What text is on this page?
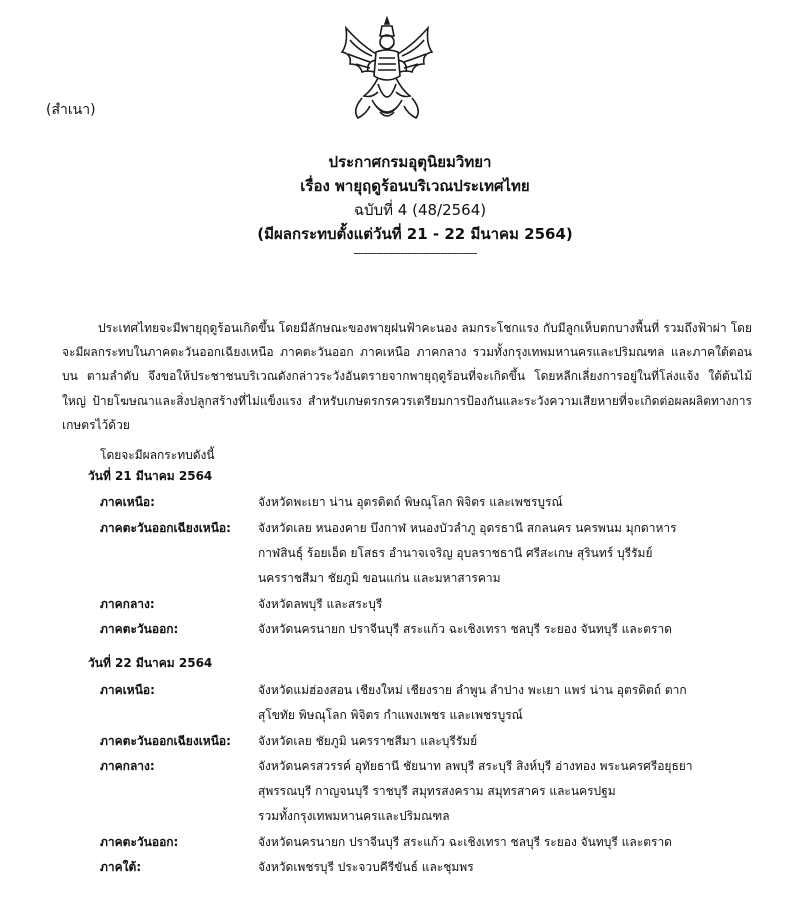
(สำเนา)
ประกาศกรมอุตุนิยมวิทยา
เรื่อง พายุฤดูร้อนบริเวณประเทศไทย
ฉบับที่ 4 (48/2564)
(มีผลกระทบตั้งแต่วันที่ 21 - 22 มีนาคม 2564)
-------------------------------------
ประเทศไทยจะมีพายุฤดูร้อนเกิดขึ้น โดยมีลักษณะของพายุฝนฟ้าคะนอง ลมกระโชกแรง กับมีลูกเห็บตกบางพื้นที่ รวมถึงฟ้าผ่า โดยจะมีผลกระทบในภาคตะวันออกเฉียงเหนือ ภาคตะวันออก ภาคเหนือ ภาคกลาง รวมทั้งกรุงเทพมหานครและปริมณฑล และภาคใต้ตอนบน ตามลำดับ จึงขอให้ประชาชนบริเวณดังกล่าวระวังอันตรายจากพายุฤดูร้อนที่จะเกิดขึ้น โดยหลีกเลี่ยงการอยู่ในที่โล่งแจ้ง ใต้ต้นไม้ใหญ่ ป้ายโฆษณาและสิ่งปลูกสร้างที่ไม่แข็งแรง สำหรับเกษตรกรควรเตรียมการป้องกันและระวังความเสียหายที่จะเกิดต่อผลผลิตทางการเกษตรไว้ด้วย
โดยจะมีผลกระทบดังนี้
วันที่ 21 มีนาคม 2564
ภาคเหนือ:	จังหวัดพะเยา น่าน อุตรดิตถ์ พิษณุโลก พิจิตร และเพชรบูรณ์
ภาคตะวันออกเฉียงเหนือ: จังหวัดเลย หนองคาย บึงกาฬ หนองบัวลำภู อุดรธานี สกลนคร นครพนม มุกดาหาร
กาฬสินธุ์ ร้อยเอ็ด ยโสธร อำนาจเจริญ อุบลราชธานี ศรีสะเกษ สุรินทร์ บุรีรัมย์
นครราชสีมา ชัยภูมิ ขอนแก่น และมหาสารคาม
ภาคกลาง:	จังหวัดลพบุรี และสระบุรี
ภาคตะวันออก:	จังหวัดนครนายก ปราจีนบุรี สระแก้ว ฉะเชิงเทรา ชลบุรี ระยอง จันทบุรี และตราด
วันที่ 22 มีนาคม 2564
ภาคเหนือ:	จังหวัดแม่ฮ่องสอน เชียงใหม่ เชียงราย ลำพูน ลำปาง พะเยา แพร่ น่าน อุตรดิตถ์ ตาก
สุโขทัย พิษณุโลก พิจิตร กำแพงเพชร และเพชรบูรณ์
ภาคตะวันออกเฉียงเหนือ: จังหวัดเลย ชัยภูมิ นครราชสีมา และบุรีรัมย์
ภาคกลาง:	จังหวัดนครสวรรค์ อุทัยธานี ชัยนาท ลพบุรี สระบุรี สิงห์บุรี อ่างทอง พระนครศรีอยุธยา
สุพรรณบุรี กาญจนบุรี ราชบุรี สมุทรสงคราม สมุทรสาคร และนครปฐม
รวมทั้งกรุงเทพมหานครและปริมณฑล
ภาคตะวันออก:	จังหวัดนครนายก ปราจีนบุรี สระแก้ว ฉะเชิงเทรา ชลบุรี ระยอง จันทบุรี และตราด
ภาคใต้:	จังหวัดเพชรบุรี ประจวบคีรีขันธ์ และชุมพร
